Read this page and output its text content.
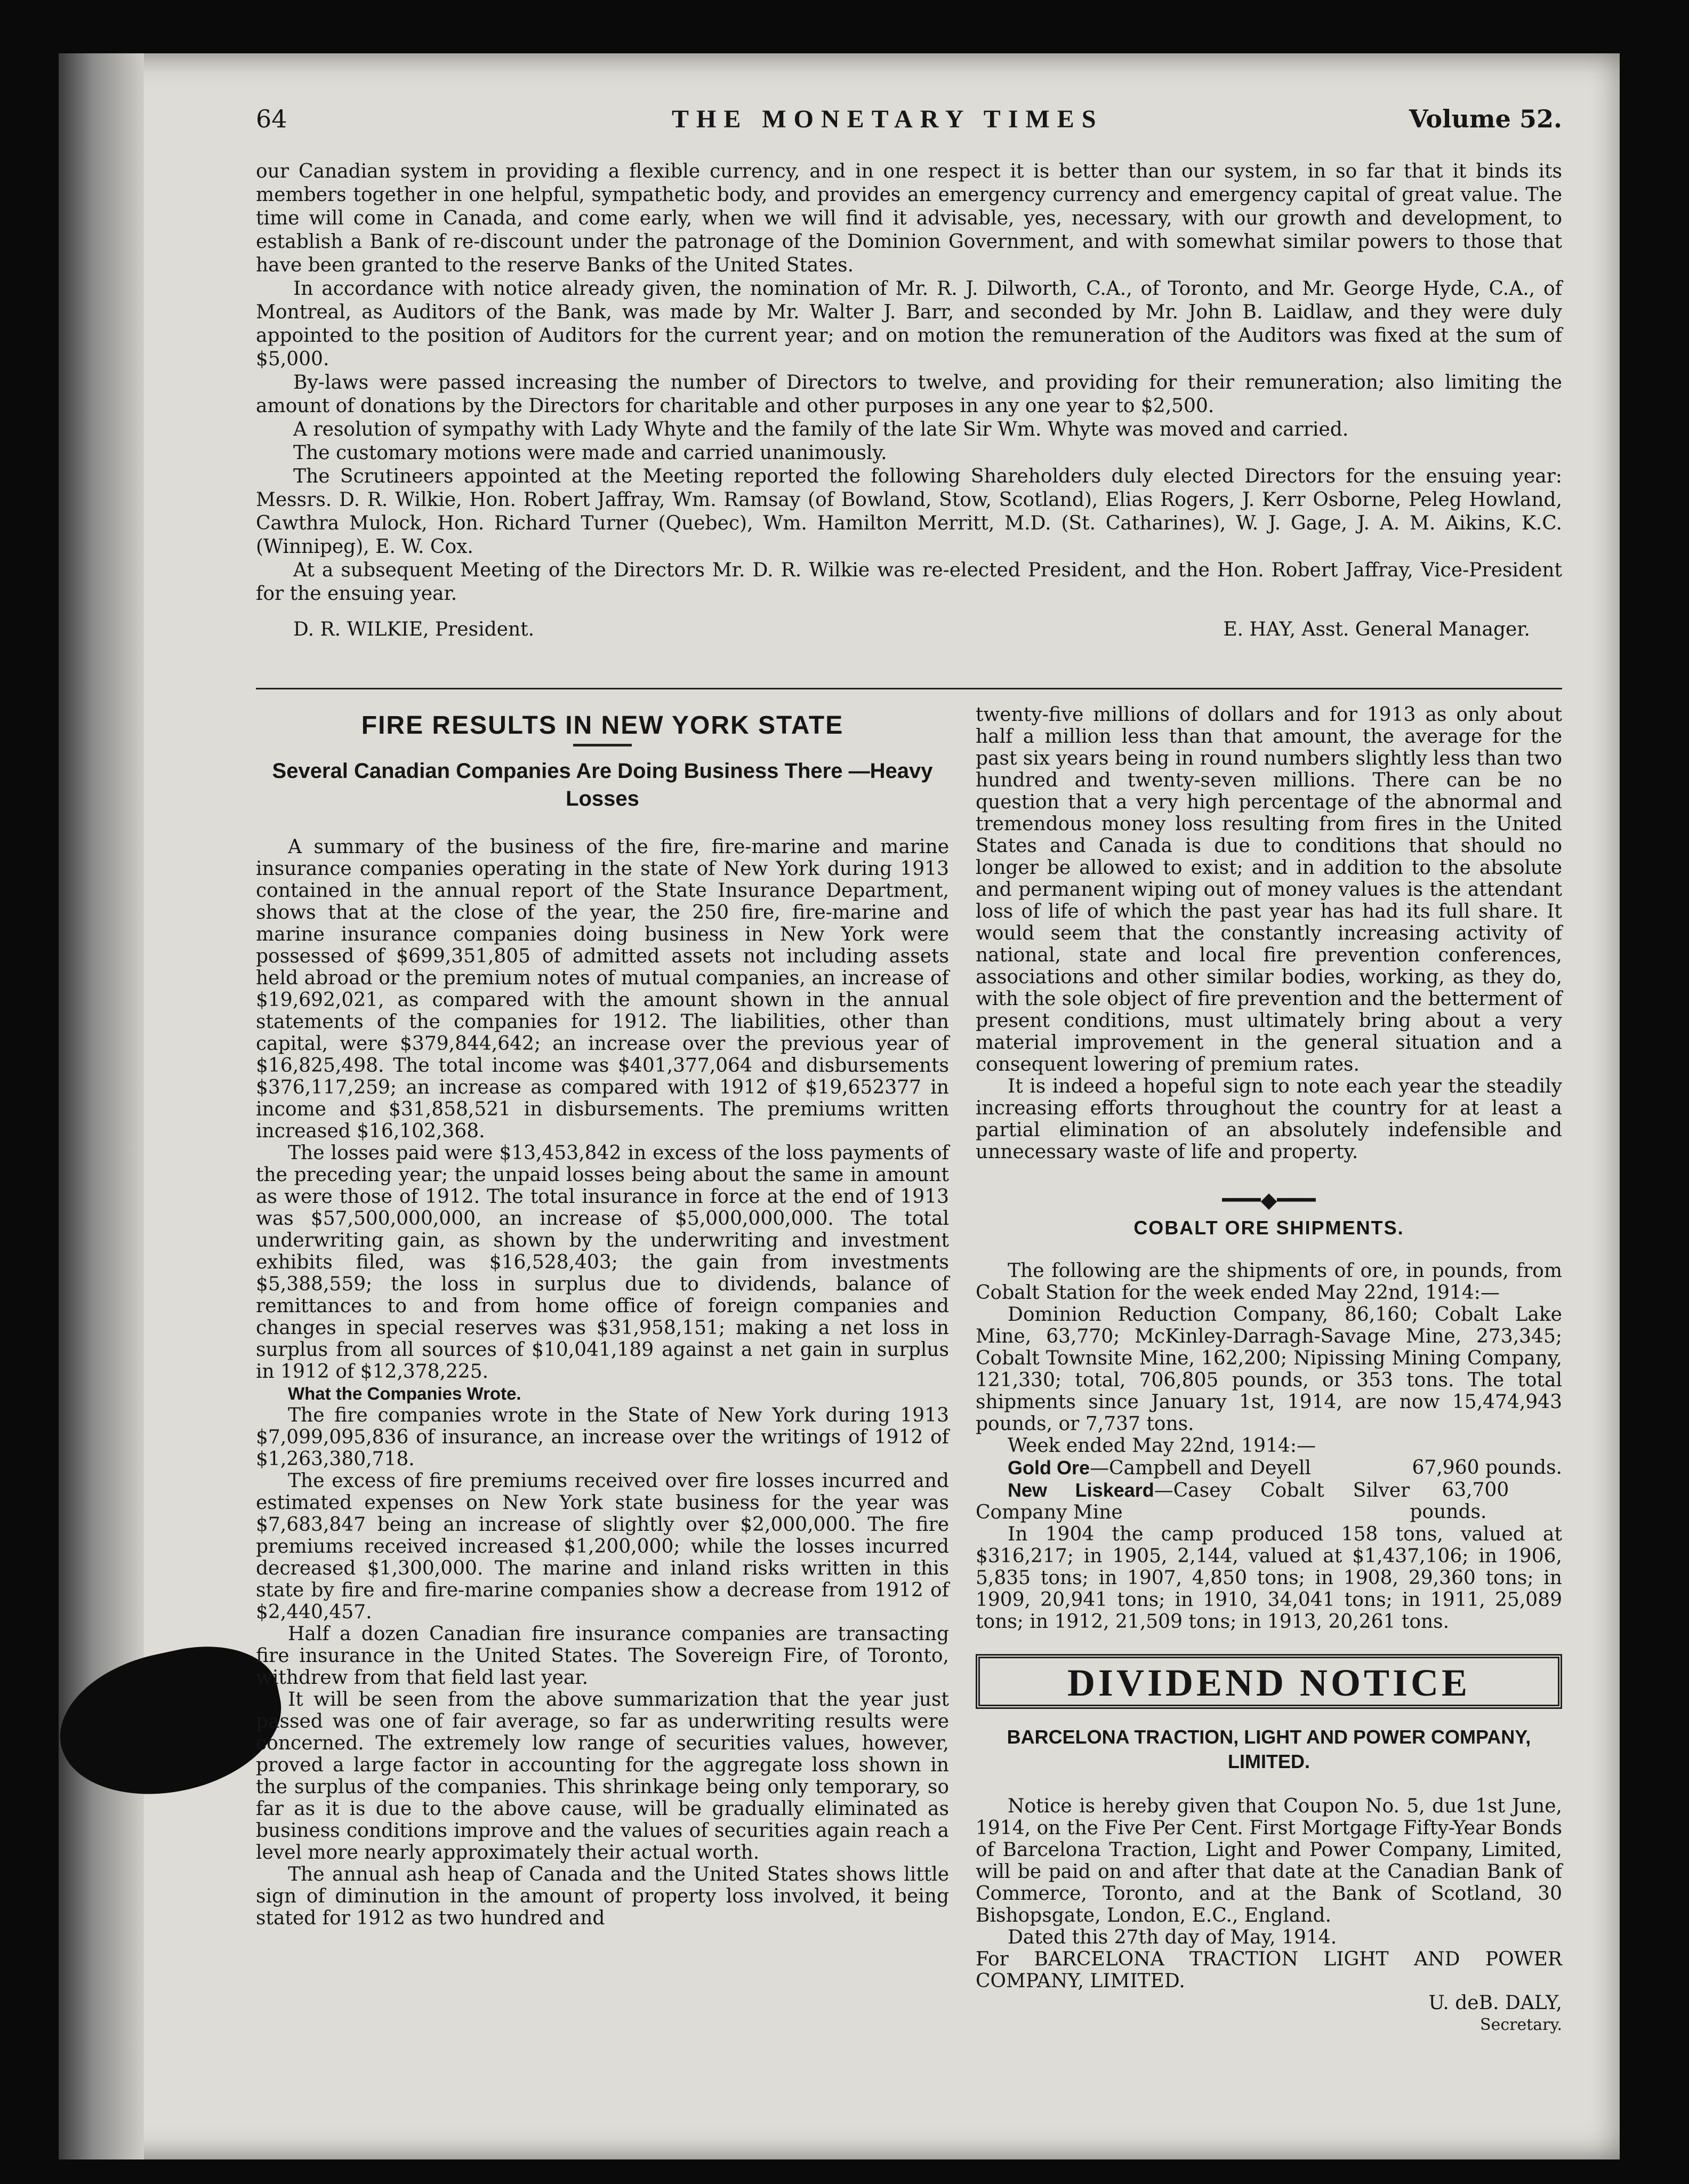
64	THE MONETARY TIMES	Volume 52.

our Canadian system in providing a flexible currency, and in one respect it is better than our system, in so far that it binds its members together in one helpful, sympathetic body, and provides an emergency currency and emergency capital of great value. The time will come in Canada, and come early, when we will find it advisable, yes, necessary, with our growth and development, to establish a Bank of re-discount under the patronage of the Dominion Government, and with somewhat similar powers to those that have been granted to the reserve Banks of the United States.

In accordance with notice already given, the nomination of Mr. R. J. Dilworth, C.A., of Toronto, and Mr. George Hyde, C.A., of Montreal, as Auditors of the Bank, was made by Mr. Walter J. Barr, and seconded by Mr. John B. Laidlaw, and they were duly appointed to the position of Auditors for the current year; and on motion the remuneration of the Auditors was fixed at the sum of $5,000.

By-laws were passed increasing the number of Directors to twelve, and providing for their remuneration; also limiting the amount of donations by the Directors for charitable and other purposes in any one year to $2,500.

A resolution of sympathy with Lady Whyte and the family of the late Sir Wm. Whyte was moved and carried.

The customary motions were made and carried unanimously.

The Scrutineers appointed at the Meeting reported the following Shareholders duly elected Directors for the ensuing year: Messrs. D. R. Wilkie, Hon. Robert Jaffray, Wm. Ramsay (of Bowland, Stow, Scotland), Elias Rogers, J. Kerr Osborne, Peleg Howland, Cawthra Mulock, Hon. Richard Turner (Quebec), Wm. Hamilton Merritt, M.D. (St. Catharines), W. J. Gage, J. A. M. Aikins, K.C. (Winnipeg), E. W. Cox.

At a subsequent Meeting of the Directors Mr. D. R. Wilkie was re-elected President, and the Hon. Robert Jaffray, Vice-President for the ensuing year.

D. R. WILKIE, President.	E. HAY, Asst. General Manager.
FIRE RESULTS IN NEW YORK STATE
Several Canadian Companies Are Doing Business There —Heavy Losses

A summary of the business of the fire, fire-marine and marine insurance companies operating in the state of New York during 1913 contained in the annual report of the State Insurance Department, shows that at the close of the year, the 250 fire, fire-marine and marine insurance companies doing business in New York were possessed of $699,351,805 of admitted assets not including assets held abroad or the premium notes of mutual companies, an increase of $19,692,021, as compared with the amount shown in the annual statements of the companies for 1912. The liabilities, other than capital, were $379,844,642; an increase over the previous year of $16,825,498. The total income was $401,377,064 and disbursements $376,117,259; an increase as compared with 1912 of $19,652377 in income and $31,858,521 in disbursements. The premiums written increased $16,102,368.

The losses paid were $13,453,842 in excess of the loss payments of the preceding year; the unpaid losses being about the same in amount as were those of 1912. The total insurance in force at the end of 1913 was $57,500,000,000, an increase of $5,000,000,000. The total underwriting gain, as shown by the underwriting and investment exhibits filed, was $16,528,403; the gain from investments $5,388,559; the loss in surplus due to dividends, balance of remittances to and from home office of foreign companies and changes in special reserves was $31,958,151; making a net loss in surplus from all sources of $10,041,189 against a net gain in surplus in 1912 of $12,378,225.

What the Companies Wrote.

The fire companies wrote in the State of New York during 1913 $7,099,095,836 of insurance, an increase over the writings of 1912 of $1,263,380,718.

The excess of fire premiums received over fire losses incurred and estimated expenses on New York state business for the year was $7,683,847 being an increase of slightly over $2,000,000. The fire premiums received increased $1,200,000; while the losses incurred decreased $1,300,000. The marine and inland risks written in this state by fire and fire-marine companies show a decrease from 1912 of $2,440,457.

Half a dozen Canadian fire insurance companies are transacting fire insurance in the United States. The Sovereign Fire, of Toronto, withdrew from that field last year.

It will be seen from the above summarization that the year just passed was one of fair average, so far as underwriting results were concerned. The extremely low range of securities values, however, proved a large factor in accounting for the aggregate loss shown in the surplus of the companies. This shrinkage being only temporary, so far as it is due to the above cause, will be gradually eliminated as business conditions improve and the values of securities again reach a level more nearly approximately their actual worth.

The annual ash heap of Canada and the United States shows little sign of diminution in the amount of property loss involved, it being stated for 1912 as two hundred and

twenty-five millions of dollars and for 1913 as only about half a million less than that amount, the average for the past six years being in round numbers slightly less than two hundred and twenty-seven millions. There can be no question that a very high percentage of the abnormal and tremendous money loss resulting from fires in the United States and Canada is due to conditions that should no longer be allowed to exist; and in addition to the absolute and permanent wiping out of money values is the attendant loss of life of which the past year has had its full share. It would seem that the constantly increasing activity of national, state and local fire prevention conferences, associations and other similar bodies, working, as they do, with the sole object of fire prevention and the betterment of present conditions, must ultimately bring about a very material improvement in the general situation and a consequent lowering of premium rates.

It is indeed a hopeful sign to note each year the steadily increasing efforts throughout the country for at least a partial elimination of an absolutely indefensible and unnecessary waste of life and property.

━━━◆━━━
COBALT ORE SHIPMENTS.

The following are the shipments of ore, in pounds, from Cobalt Station for the week ended May 22nd, 1914:—

Dominion Reduction Company, 86,160; Cobalt Lake Mine, 63,770; McKinley-Darragh-Savage Mine, 273,345; Cobalt Townsite Mine, 162,200; Nipissing Mining Company, 121,330; total, 706,805 pounds, or 353 tons. The total shipments since January 1st, 1914, are now 15,474,943 pounds, or 7,737 tons.

Week ended May 22nd, 1914:—

Gold Ore—Campbell and Deyell	67,960 pounds.

New Liskeard—Casey Cobalt Silver Company Mine
63,700 pounds.

In 1904 the camp produced 158 tons, valued at $316,217; in 1905, 2,144, valued at $1,437,106; in 1906, 5,835 tons; in 1907, 4,850 tons; in 1908, 29,360 tons; in 1909, 20,941 tons; in 1910, 34,041 tons; in 1911, 25,089 tons; in 1912, 21,509 tons; in 1913, 20,261 tons.

DIVIDEND NOTICE
BARCELONA TRACTION, LIGHT AND POWER COMPANY, LIMITED.

Notice is hereby given that Coupon No. 5, due 1st June, 1914, on the Five Per Cent. First Mortgage Fifty-Year Bonds of Barcelona Traction, Light and Power Company, Limited, will be paid on and after that date at the Canadian Bank of Commerce, Toronto, and at the Bank of Scotland, 30 Bishopsgate, London, E.C., England.

Dated this 27th day of May, 1914.

For BARCELONA TRACTION LIGHT AND POWER COMPANY, LIMITED.

U. deB. DALY,

Secretary.
